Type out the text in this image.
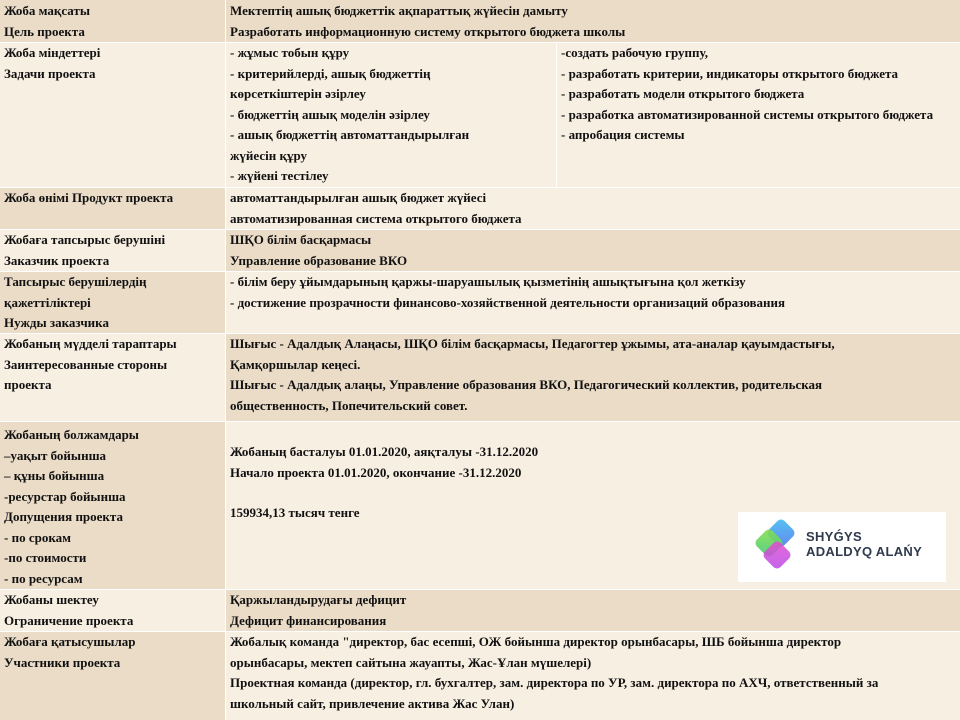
Жоба мақсаты
Цель проекта
Мектептің ашық бюджеттік ақпараттық жүйесін дамыту
Разработать информационную систему открытого бюджета школы
Жоба міндеттері
Задачи проекта
- жұмыс тобын құру
- критерийлерді, ашық бюджеттің
көрсеткіштерін әзірлеу
- бюджеттің ашық моделін әзірлеу
- ашық бюджеттің автоматтандырылған
жүйесін құру
- жүйені тестілеу
-создать рабочую группу,
- разработать критерии, индикаторы открытого бюджета
- разработать модели открытого бюджета
- разработка автоматизированной системы открытого бюджета
- апробация системы
Жоба өнімі Продукт проекта	автоматтандырылған ашық бюджет жүйесі
автоматизированная система открытого бюджета
Жобаға тапсырыс берушіні
Заказчик проекта
ШҚО білім басқармасы
Управление образование ВКО
Тапсырыс берушілердің
қажеттіліктері
Нужды заказчика
- білім беру ұйымдарының қаржы-шаруашылық қызметінің ашықтығына қол жеткізу
- достижение прозрачности финансово-хозяйственной деятельности организаций образования
Жобаның мүдделі тараптары
Заинтересованные стороны
проекта
Шығыс - Адалдық Алаңасы, ШҚО білім басқармасы, Педагогтер ұжымы, ата-аналар қауымдастығы, Қамқоршылар кеңесі.
Шығыс - Адалдық алаңы, Управление образования ВКО, Педагогический коллектив, родительская общественность, Попечительский совет.
Жобаның болжамдары
–уақыт бойынша
– құны бойынша
-ресурстар бойынша
Допущения проекта
- по срокам
-по стоимости
- по ресурсам
Жобаның басталуы 01.01.2020, аяқталуы -31.12.2020
Начало проекта 01.01.2020, окончание -31.12.2020
159934,13 тысяч тенге
Жобаны шектеу
Ограничение проекта
Қаржыландырудағы дефицит
Дефицит финансирования
Жобаға қатысушылар
Участники проекта
Жобалық команда "директор, бас есепші, ОЖ бойынша директор орынбасары, ШБ бойынша директор орынбасары, мектеп сайтына жауапты, Жас-Ұлан мүшелері)
Проектная команда (директор, гл. бухгалтер, зам. директора по УР, зам. директора по АХЧ, ответственный за школьный сайт, привлечение актива Жас Улан)
SHYǴYS
ADALDYQ ALAŃY
